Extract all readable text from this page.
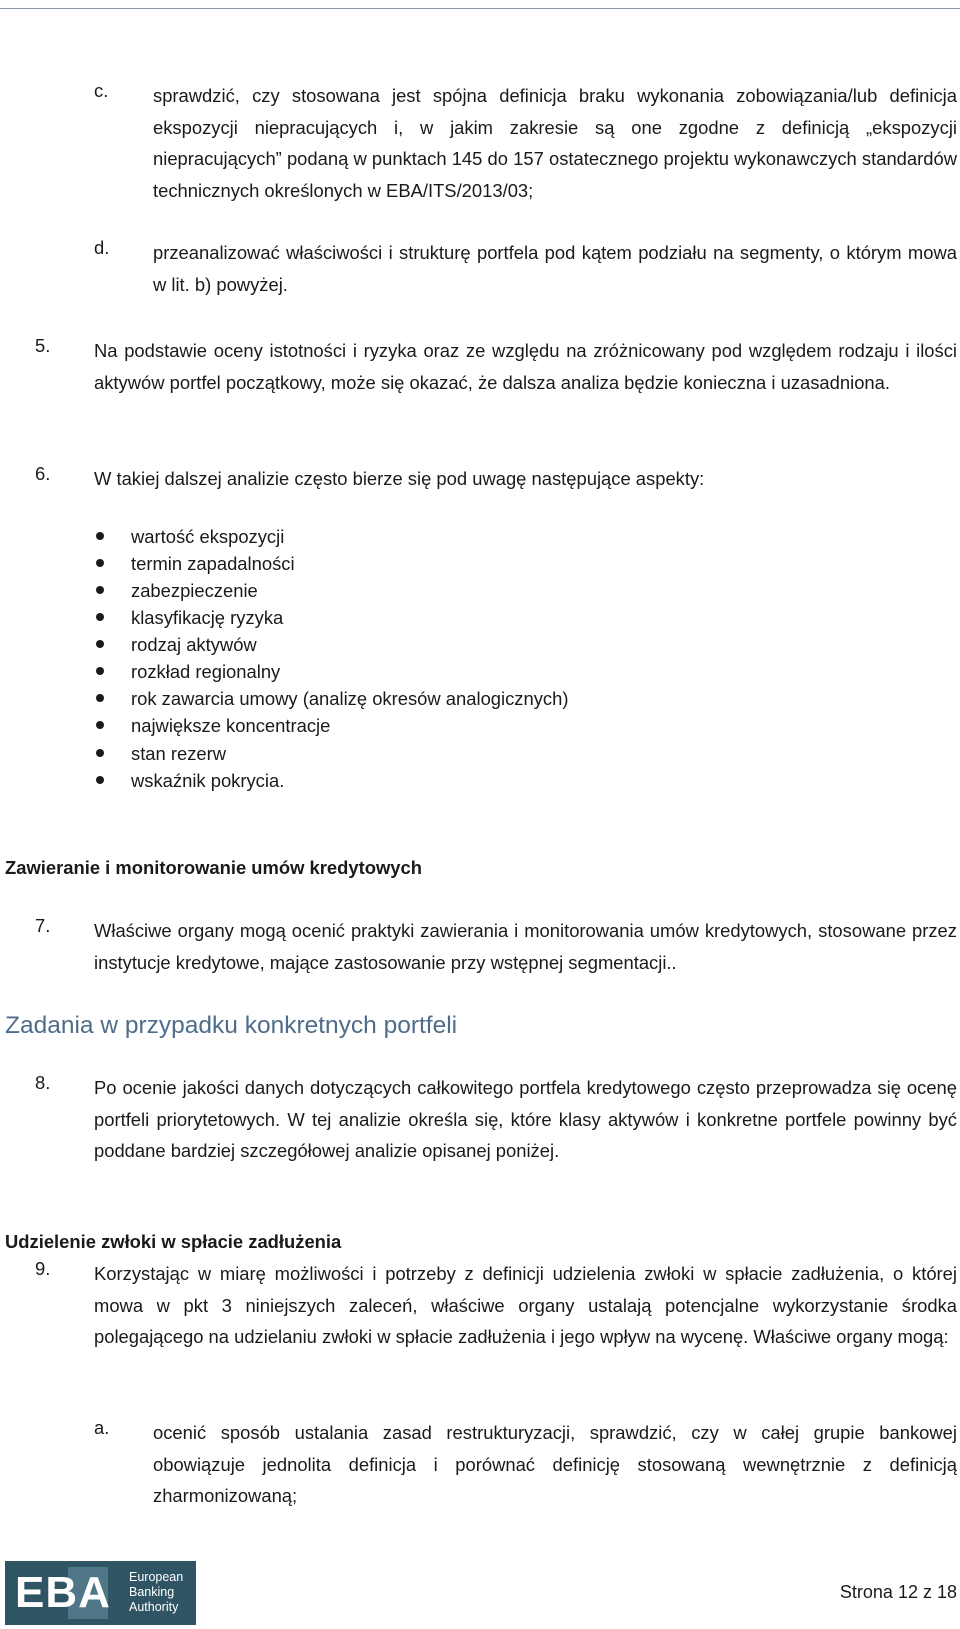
c. sprawdzić, czy stosowana jest spójna definicja braku wykonania zobowiązania/lub definicja ekspozycji niepracujących i, w jakim zakresie są one zgodne z definicją „ekspozycji niepracujących” podaną w punktach 145 do 157 ostatecznego projektu wykonawczych standardów technicznych określonych w EBA/ITS/2013/03;
d. przeanalizować właściwości i strukturę portfela pod kątem podziału na segmenty, o którym mowa w lit. b) powyżej.
5. Na podstawie oceny istotności i ryzyka oraz ze względu na zróżnicowany pod względem rodzaju i ilości aktywów portfel początkowy, może się okazać, że dalsza analiza będzie konieczna i uzasadniona.
6. W takiej dalszej analizie często bierze się pod uwagę następujące aspekty:
wartość ekspozycji
termin zapadalności
zabezpieczenie
klasyfikację ryzyka
rodzaj aktywów
rozkład regionalny
rok zawarcia umowy (analizę okresów analogicznych)
największe koncentracje
stan rezerw
wskaźnik pokrycia.
Zawieranie i monitorowanie umów kredytowych
7. Właściwe organy mogą ocenić praktyki zawierania i monitorowania umów kredytowych, stosowane przez instytucje kredytowe, mające zastosowanie przy wstępnej segmentacji..
Zadania w przypadku konkretnych portfeli
8. Po ocenie jakości danych dotyczących całkowitego portfela kredytowego często przeprowadza się ocenę portfeli priorytetowych. W tej analizie określa się, które klasy aktywów i konkretne portfele powinny być poddane bardziej szczegółowej analizie opisanej poniżej.
Udzielenie zwłoki w spłacie zadłużenia
9. Korzystając w miarę możliwości i potrzeby z definicji udzielenia zwłoki w spłacie zadłużenia, o której mowa w pkt 3 niniejszych zaleceń, właściwe organy ustalają potencjalne wykorzystanie środka polegającego na udzielaniu zwłoki w spłacie zadłużenia i jego wpływ na wycenę. Właściwe organy mogą:
a. ocenić sposób ustalania zasad restrukturyzacji, sprawdzić, czy w całej grupie bankowej obowiązuje jednolita definicja i porównać definicję stosowaną wewnętrznie z definicją zharmonizowaną;
EBA European
Banking
Authority
Strona 12 z 18
